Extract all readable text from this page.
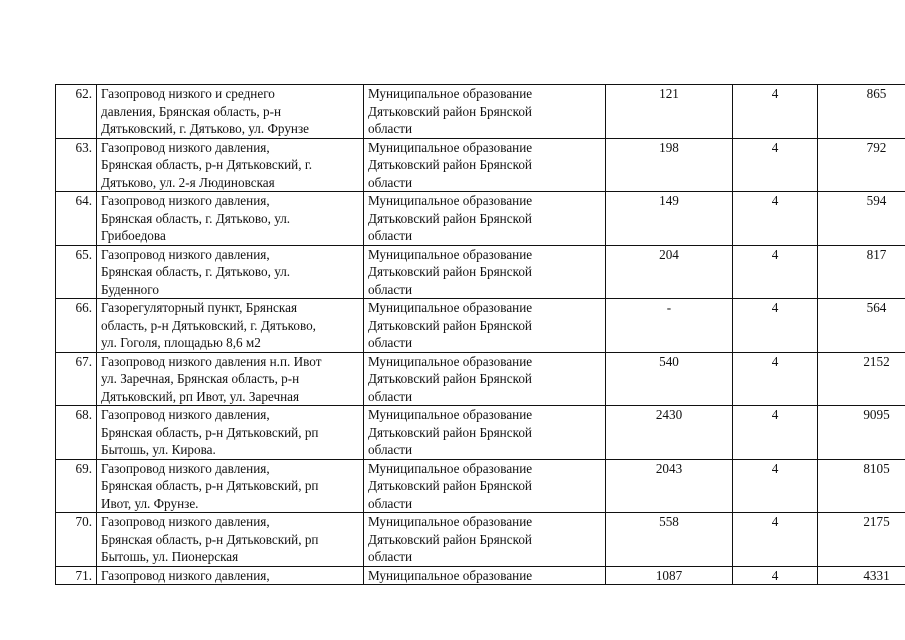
62.	Газопровод низкого и среднего
давления, Брянская область, р-н
Дятьковский, г. Дятьково, ул. Фрунзе	Муниципальное образование
Дятьковский район Брянской
области	121	4	865

63.	Газопровод низкого давления,
Брянская область, р-н Дятьковский, г.
Дятьково, ул. 2-я Людиновская	Муниципальное образование
Дятьковский район Брянской
области	198	4	792

64.	Газопровод низкого давления,
Брянская область, г. Дятьково, ул.
Грибоедова	Муниципальное образование
Дятьковский район Брянской
области	149	4	594

65.	Газопровод низкого давления,
Брянская область, г. Дятьково, ул.
Буденного	Муниципальное образование
Дятьковский район Брянской
области	204	4	817

66.	Газорегуляторный пункт, Брянская
область, р-н Дятьковский, г. Дятьково,
ул. Гоголя, площадью 8,6 м2	Муниципальное образование
Дятьковский район Брянской
области	-	4	564

67.	Газопровод низкого давления н.п. Ивот
ул. Заречная, Брянская область, р-н
Дятьковский, рп Ивот, ул. Заречная	Муниципальное образование
Дятьковский район Брянской
области	540	4	2152

68.	Газопровод низкого давления,
Брянская область, р-н Дятьковский, рп
Бытошь, ул. Кирова.	Муниципальное образование
Дятьковский район Брянской
области	2430	4	9095

69.	Газопровод низкого давления,
Брянская область, р-н Дятьковский, рп
Ивот, ул. Фрунзе.	Муниципальное образование
Дятьковский район Брянской
области	2043	4	8105

70.	Газопровод низкого давления,
Брянская область, р-н Дятьковский, рп
Бытошь, ул. Пионерская	Муниципальное образование
Дятьковский район Брянской
области	558	4	2175

71.	Газопровод низкого давления,	Муниципальное образование	1087	4	4331
